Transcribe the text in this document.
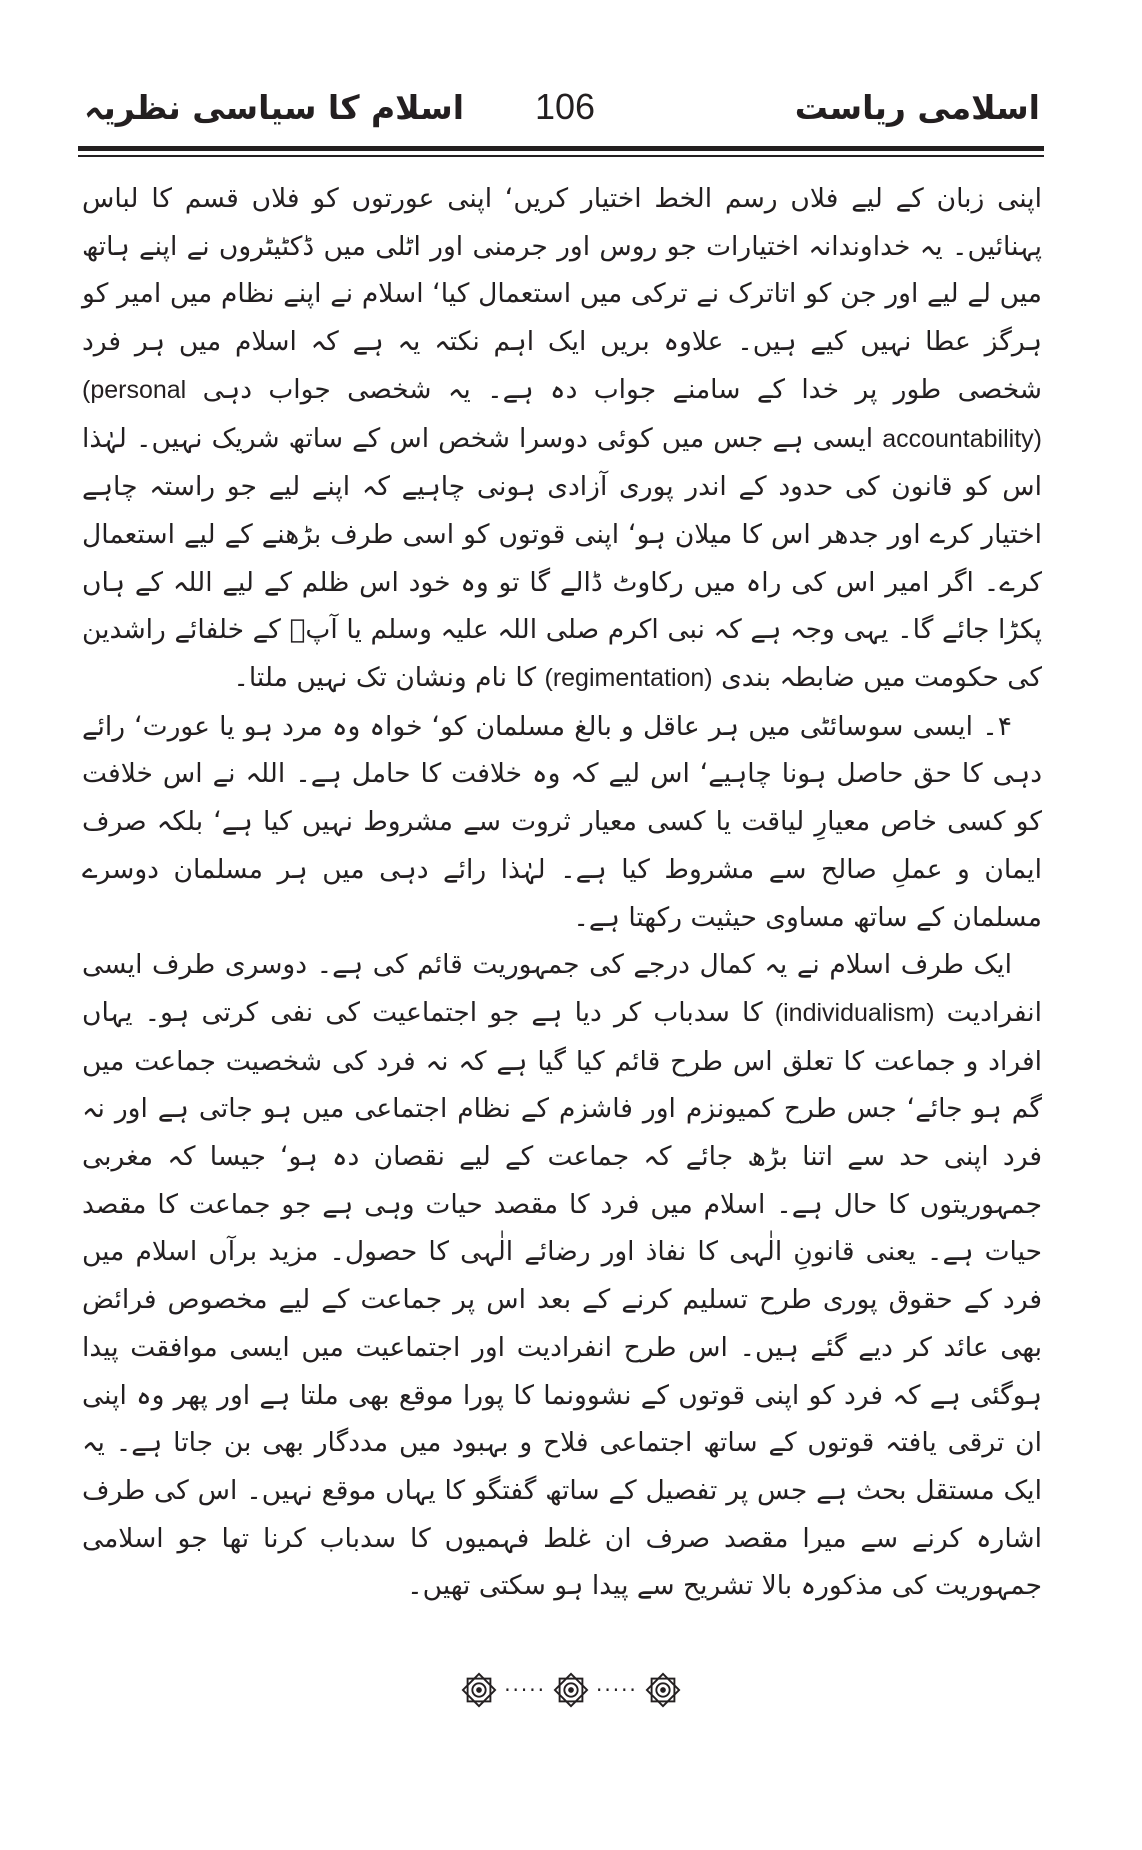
اسلامی ریاست
106
اسلام کا سیاسی نظریہ

اپنی زبان کے لیے فلاں رسم الخط اختیار کریں‘ اپنی عورتوں کو فلاں قسم کا لباس پہنائیں۔ یہ خداوندانہ اختیارات جو روس اور جرمنی اور اٹلی میں ڈکٹیٹروں نے اپنے ہاتھ میں لے لیے اور جن کو اتاترک نے ترکی میں استعمال کیا‘ اسلام نے اپنے نظام میں امیر کو ہرگز عطا نہیں کیے ہیں۔ علاوہ بریں ایک اہم نکتہ یہ ہے کہ اسلام میں ہر فرد شخصی طور پر خدا کے سامنے جواب دہ ہے۔ یہ شخصی جواب دہی (personal accountability) ایسی ہے جس میں کوئی دوسرا شخص اس کے ساتھ شریک نہیں۔ لہٰذا اس کو قانون کی حدود کے اندر پوری آزادی ہونی چاہیے کہ اپنے لیے جو راستہ چاہے اختیار کرے اور جدھر اس کا میلان ہو‘ اپنی قوتوں کو اسی طرف بڑھنے کے لیے استعمال کرے۔ اگر امیر اس کی راہ میں رکاوٹ ڈالے گا تو وہ خود اس ظلم کے لیے اللہ کے ہاں پکڑا جائے گا۔ یہی وجہ ہے کہ نبی اکرم صلی اللہ علیہ وسلم یا آپؐ کے خلفائے راشدین کی حکومت میں ضابطہ بندی (regimentation) کا نام ونشان تک نہیں ملتا۔

۴۔ ایسی سوسائٹی میں ہر عاقل و بالغ مسلمان کو‘ خواہ وہ مرد ہو یا عورت‘ رائے دہی کا حق حاصل ہونا چاہیے‘ اس لیے کہ وہ خلافت کا حامل ہے۔ اللہ نے اس خلافت کو کسی خاص معیارِ لیاقت یا کسی معیار ثروت سے مشروط نہیں کیا ہے‘ بلکہ صرف ایمان و عملِ صالح سے مشروط کیا ہے۔ لہٰذا رائے دہی میں ہر مسلمان دوسرے مسلمان کے ساتھ مساوی حیثیت رکھتا ہے۔

ایک طرف اسلام نے یہ کمال درجے کی جمہوریت قائم کی ہے۔ دوسری طرف ایسی انفرادیت (individualism) کا سدباب کر دیا ہے جو اجتماعیت کی نفی کرتی ہو۔ یہاں افراد و جماعت کا تعلق اس طرح قائم کیا گیا ہے کہ نہ فرد کی شخصیت جماعت میں گم ہو جائے‘ جس طرح کمیونزم اور فاشزم کے نظام اجتماعی میں ہو جاتی ہے اور نہ فرد اپنی حد سے اتنا بڑھ جائے کہ جماعت کے لیے نقصان دہ ہو‘ جیسا کہ مغربی جمہوریتوں کا حال ہے۔ اسلام میں فرد کا مقصد حیات وہی ہے جو جماعت کا مقصد حیات ہے۔ یعنی قانونِ الٰہی کا نفاذ اور رضائے الٰہی کا حصول۔ مزید برآں اسلام میں فرد کے حقوق پوری طرح تسلیم کرنے کے بعد اس پر جماعت کے لیے مخصوص فرائض بھی عائد کر دیے گئے ہیں۔ اس طرح انفرادیت اور اجتماعیت میں ایسی موافقت پیدا ہوگئی ہے کہ فرد کو اپنی قوتوں کے نشوونما کا پورا موقع بھی ملتا ہے اور پھر وہ اپنی ان ترقی یافتہ قوتوں کے ساتھ اجتماعی فلاح و بہبود میں مددگار بھی بن جاتا ہے۔ یہ ایک مستقل بحث ہے جس پر تفصیل کے ساتھ گفتگو کا یہاں موقع نہیں۔ اس کی طرف اشارہ کرنے سے میرا مقصد صرف ان غلط فہمیوں کا سدباب کرنا تھا جو اسلامی جمہوریت کی مذکورہ بالا تشریح سے پیدا ہو سکتی تھیں۔

·····	·····
